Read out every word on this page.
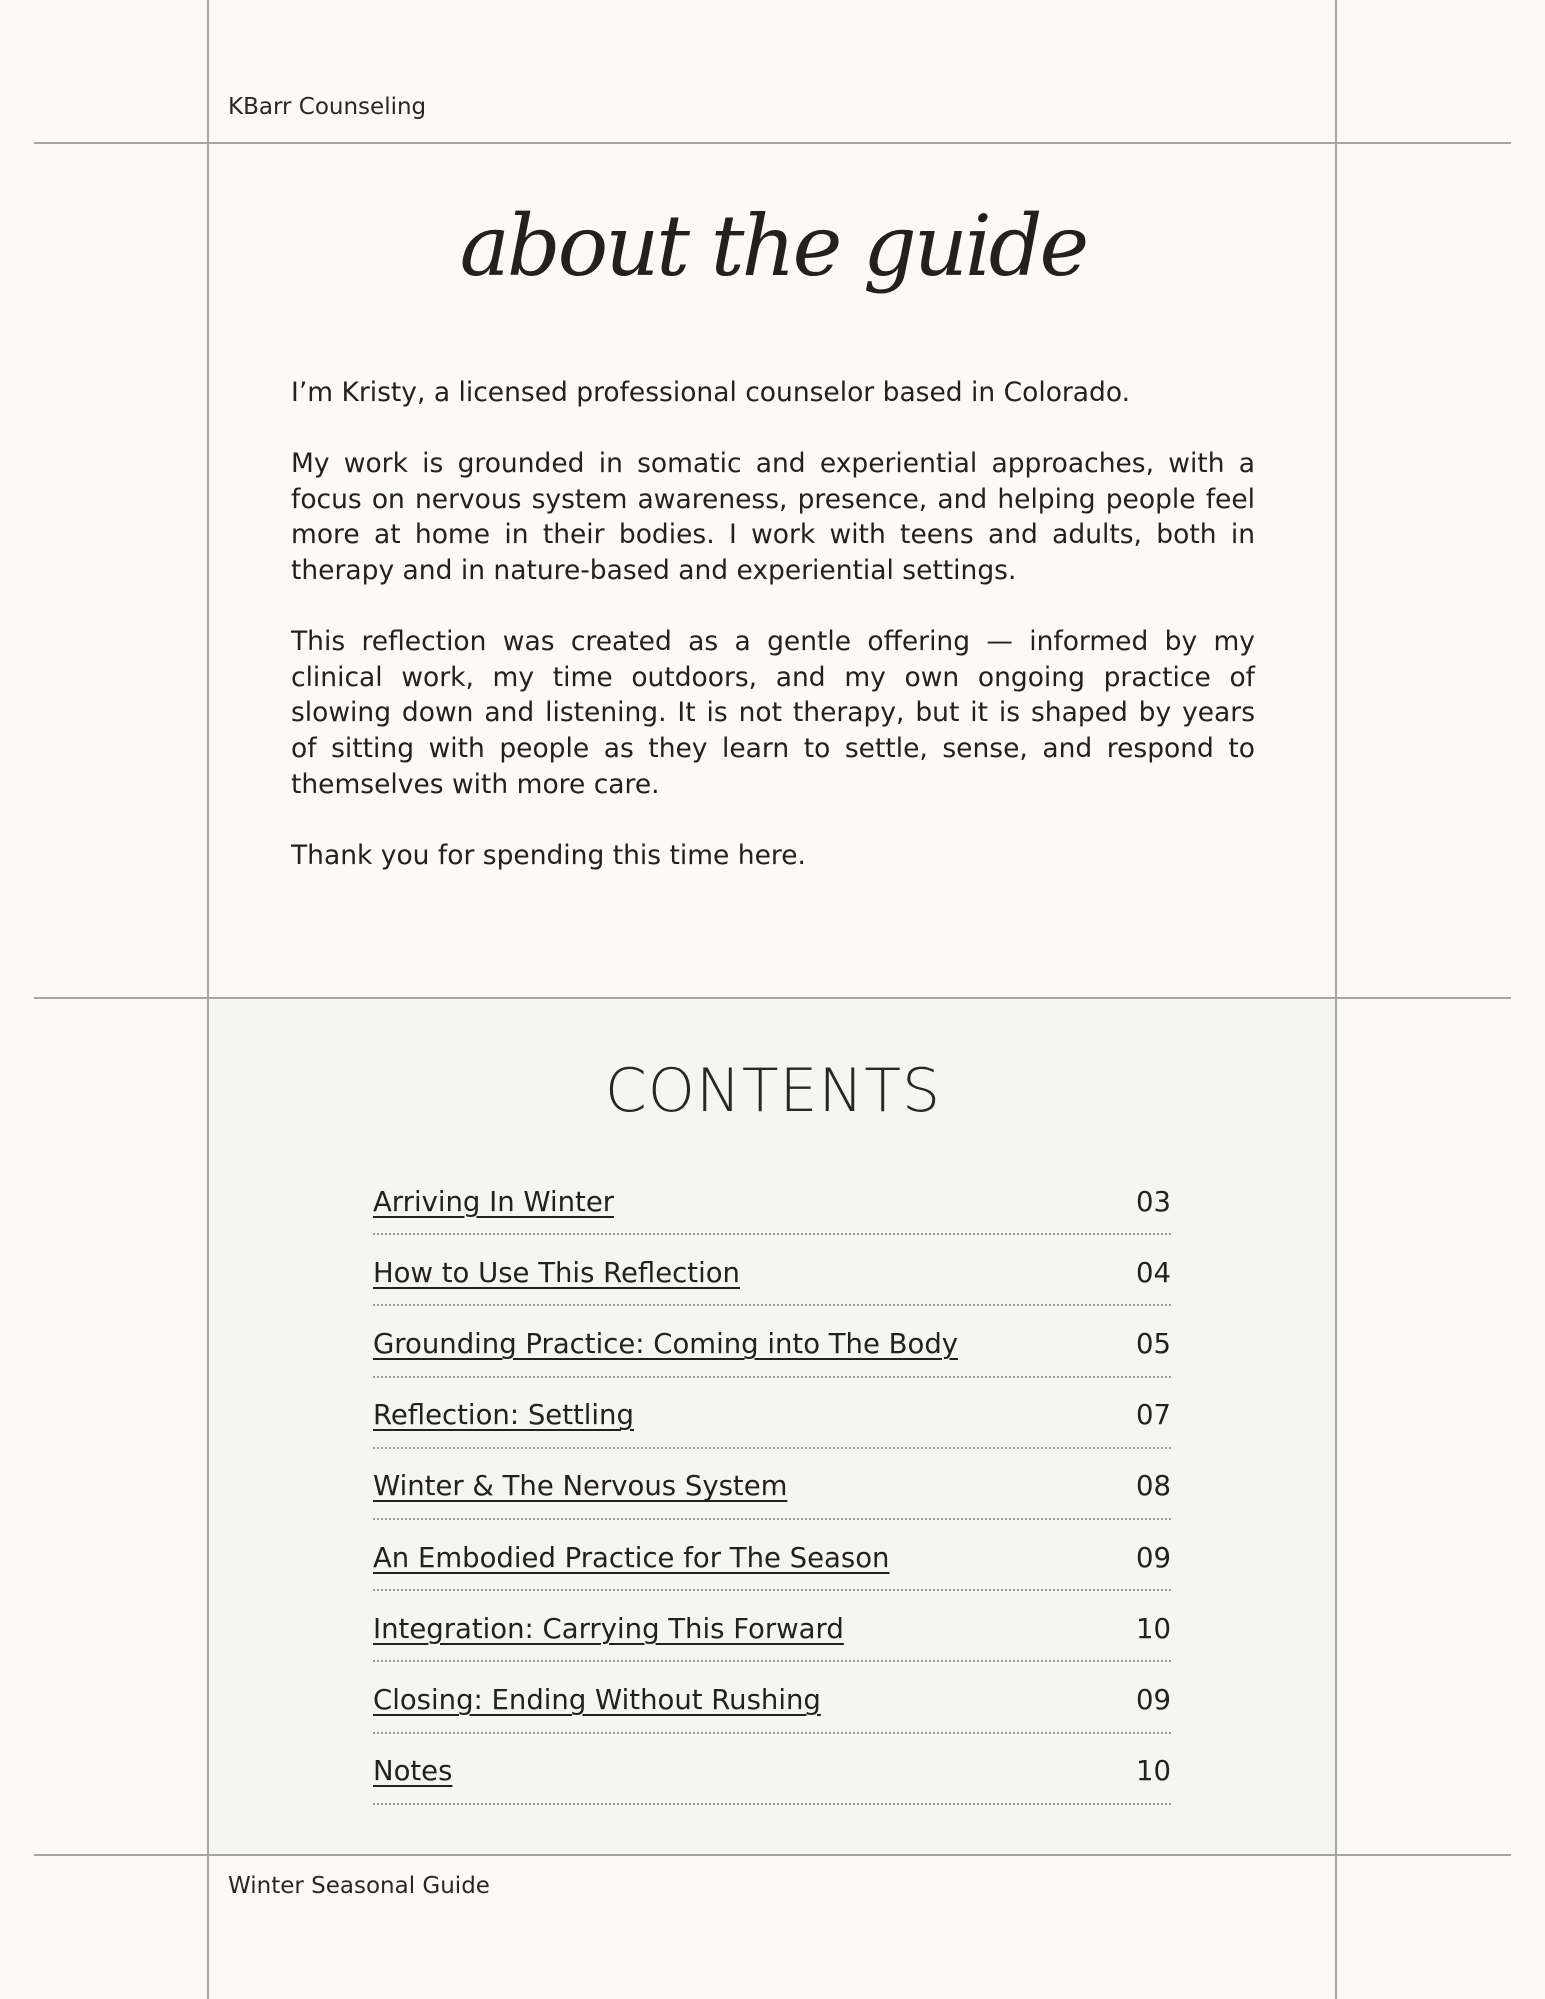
KBarr Counseling
about the guide

I’m Kristy, a licensed professional counselor based in Colorado.

My work is grounded in somatic and experiential approaches, with a focus on nervous system awareness, presence, and helping people feel more at home in their bodies. I work with teens and adults, both in therapy and in nature-based and experiential settings.

This reflection was created as a gentle offering — informed by my clinical work, my time outdoors, and my own ongoing practice of slowing down and listening. It is not therapy, but it is shaped by years of sitting with people as they learn to settle, sense, and respond to themselves with more care.

Thank you for spending this time here.

CONTENTS
Arriving In Winter	03
How to Use This Reflection	04
Grounding Practice: Coming into The Body	05
Reflection: Settling	07
Winter & The Nervous System	08
An Embodied Practice for The Season	09
Integration: Carrying This Forward	10
Closing: Ending Without Rushing	09
Notes	10
Winter Seasonal Guide
